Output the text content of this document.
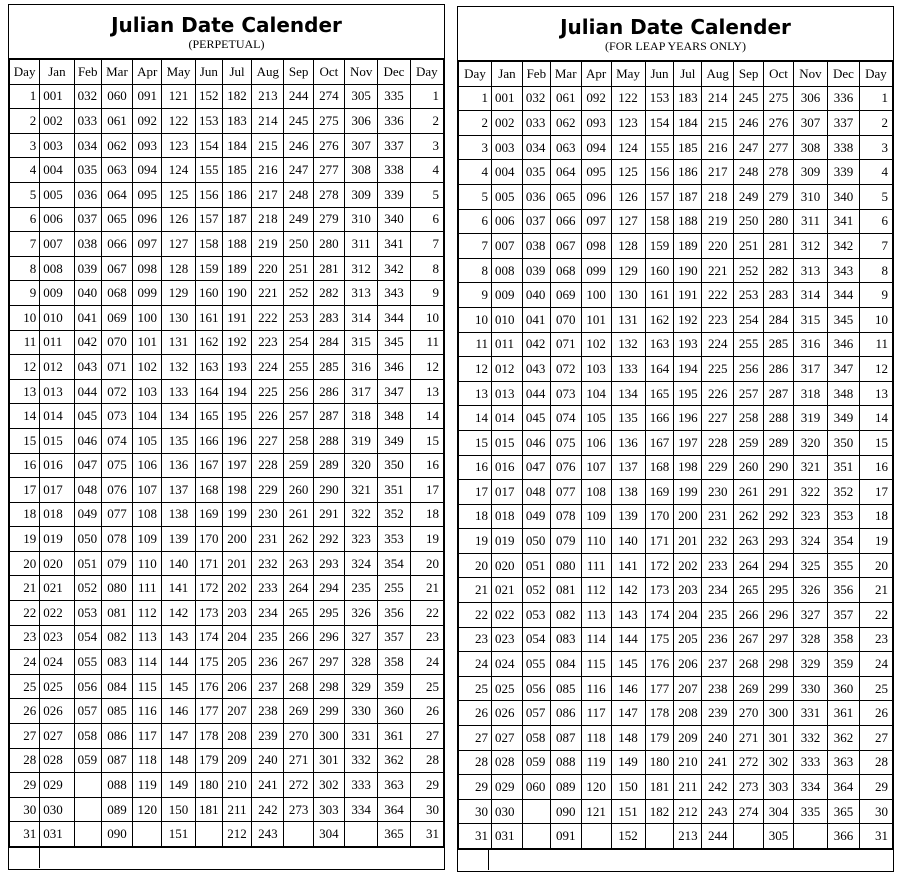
Julian Date Calender
(PERPETUAL)
Day	Jan	Feb	Mar	Apr	May	Jun	Jul	Aug	Sep	Oct	Nov	Dec	Day
1	001	032	060	091	121	152	182	213	244	274	305	335	1
2	002	033	061	092	122	153	183	214	245	275	306	336	2
3	003	034	062	093	123	154	184	215	246	276	307	337	3
4	004	035	063	094	124	155	185	216	247	277	308	338	4
5	005	036	064	095	125	156	186	217	248	278	309	339	5
6	006	037	065	096	126	157	187	218	249	279	310	340	6
7	007	038	066	097	127	158	188	219	250	280	311	341	7
8	008	039	067	098	128	159	189	220	251	281	312	342	8
9	009	040	068	099	129	160	190	221	252	282	313	343	9
10	010	041	069	100	130	161	191	222	253	283	314	344	10
11	011	042	070	101	131	162	192	223	254	284	315	345	11
12	012	043	071	102	132	163	193	224	255	285	316	346	12
13	013	044	072	103	133	164	194	225	256	286	317	347	13
14	014	045	073	104	134	165	195	226	257	287	318	348	14
15	015	046	074	105	135	166	196	227	258	288	319	349	15
16	016	047	075	106	136	167	197	228	259	289	320	350	16
17	017	048	076	107	137	168	198	229	260	290	321	351	17
18	018	049	077	108	138	169	199	230	261	291	322	352	18
19	019	050	078	109	139	170	200	231	262	292	323	353	19
20	020	051	079	110	140	171	201	232	263	293	324	354	20
21	021	052	080	111	141	172	202	233	264	294	235	255	21
22	022	053	081	112	142	173	203	234	265	295	326	356	22
23	023	054	082	113	143	174	204	235	266	296	327	357	23
24	024	055	083	114	144	175	205	236	267	297	328	358	24
25	025	056	084	115	145	176	206	237	268	298	329	359	25
26	026	057	085	116	146	177	207	238	269	299	330	360	26
27	027	058	086	117	147	178	208	239	270	300	331	361	27
28	028	059	087	118	148	179	209	240	271	301	332	362	28
29	029		088	119	149	180	210	241	272	302	333	363	29
30	030		089	120	150	181	211	242	273	303	334	364	30
31	031		090		151		212	243		304		365	31
Julian Date Calender
(FOR LEAP YEARS ONLY)
Day	Jan	Feb	Mar	Apr	May	Jun	Jul	Aug	Sep	Oct	Nov	Dec	Day
1	001	032	061	092	122	153	183	214	245	275	306	336	1
2	002	033	062	093	123	154	184	215	246	276	307	337	2
3	003	034	063	094	124	155	185	216	247	277	308	338	3
4	004	035	064	095	125	156	186	217	248	278	309	339	4
5	005	036	065	096	126	157	187	218	249	279	310	340	5
6	006	037	066	097	127	158	188	219	250	280	311	341	6
7	007	038	067	098	128	159	189	220	251	281	312	342	7
8	008	039	068	099	129	160	190	221	252	282	313	343	8
9	009	040	069	100	130	161	191	222	253	283	314	344	9
10	010	041	070	101	131	162	192	223	254	284	315	345	10
11	011	042	071	102	132	163	193	224	255	285	316	346	11
12	012	043	072	103	133	164	194	225	256	286	317	347	12
13	013	044	073	104	134	165	195	226	257	287	318	348	13
14	014	045	074	105	135	166	196	227	258	288	319	349	14
15	015	046	075	106	136	167	197	228	259	289	320	350	15
16	016	047	076	107	137	168	198	229	260	290	321	351	16
17	017	048	077	108	138	169	199	230	261	291	322	352	17
18	018	049	078	109	139	170	200	231	262	292	323	353	18
19	019	050	079	110	140	171	201	232	263	293	324	354	19
20	020	051	080	111	141	172	202	233	264	294	325	355	20
21	021	052	081	112	142	173	203	234	265	295	326	356	21
22	022	053	082	113	143	174	204	235	266	296	327	357	22
23	023	054	083	114	144	175	205	236	267	297	328	358	23
24	024	055	084	115	145	176	206	237	268	298	329	359	24
25	025	056	085	116	146	177	207	238	269	299	330	360	25
26	026	057	086	117	147	178	208	239	270	300	331	361	26
27	027	058	087	118	148	179	209	240	271	301	332	362	27
28	028	059	088	119	149	180	210	241	272	302	333	363	28
29	029	060	089	120	150	181	211	242	273	303	334	364	29
30	030		090	121	151	182	212	243	274	304	335	365	30
31	031		091		152		213	244		305		366	31
